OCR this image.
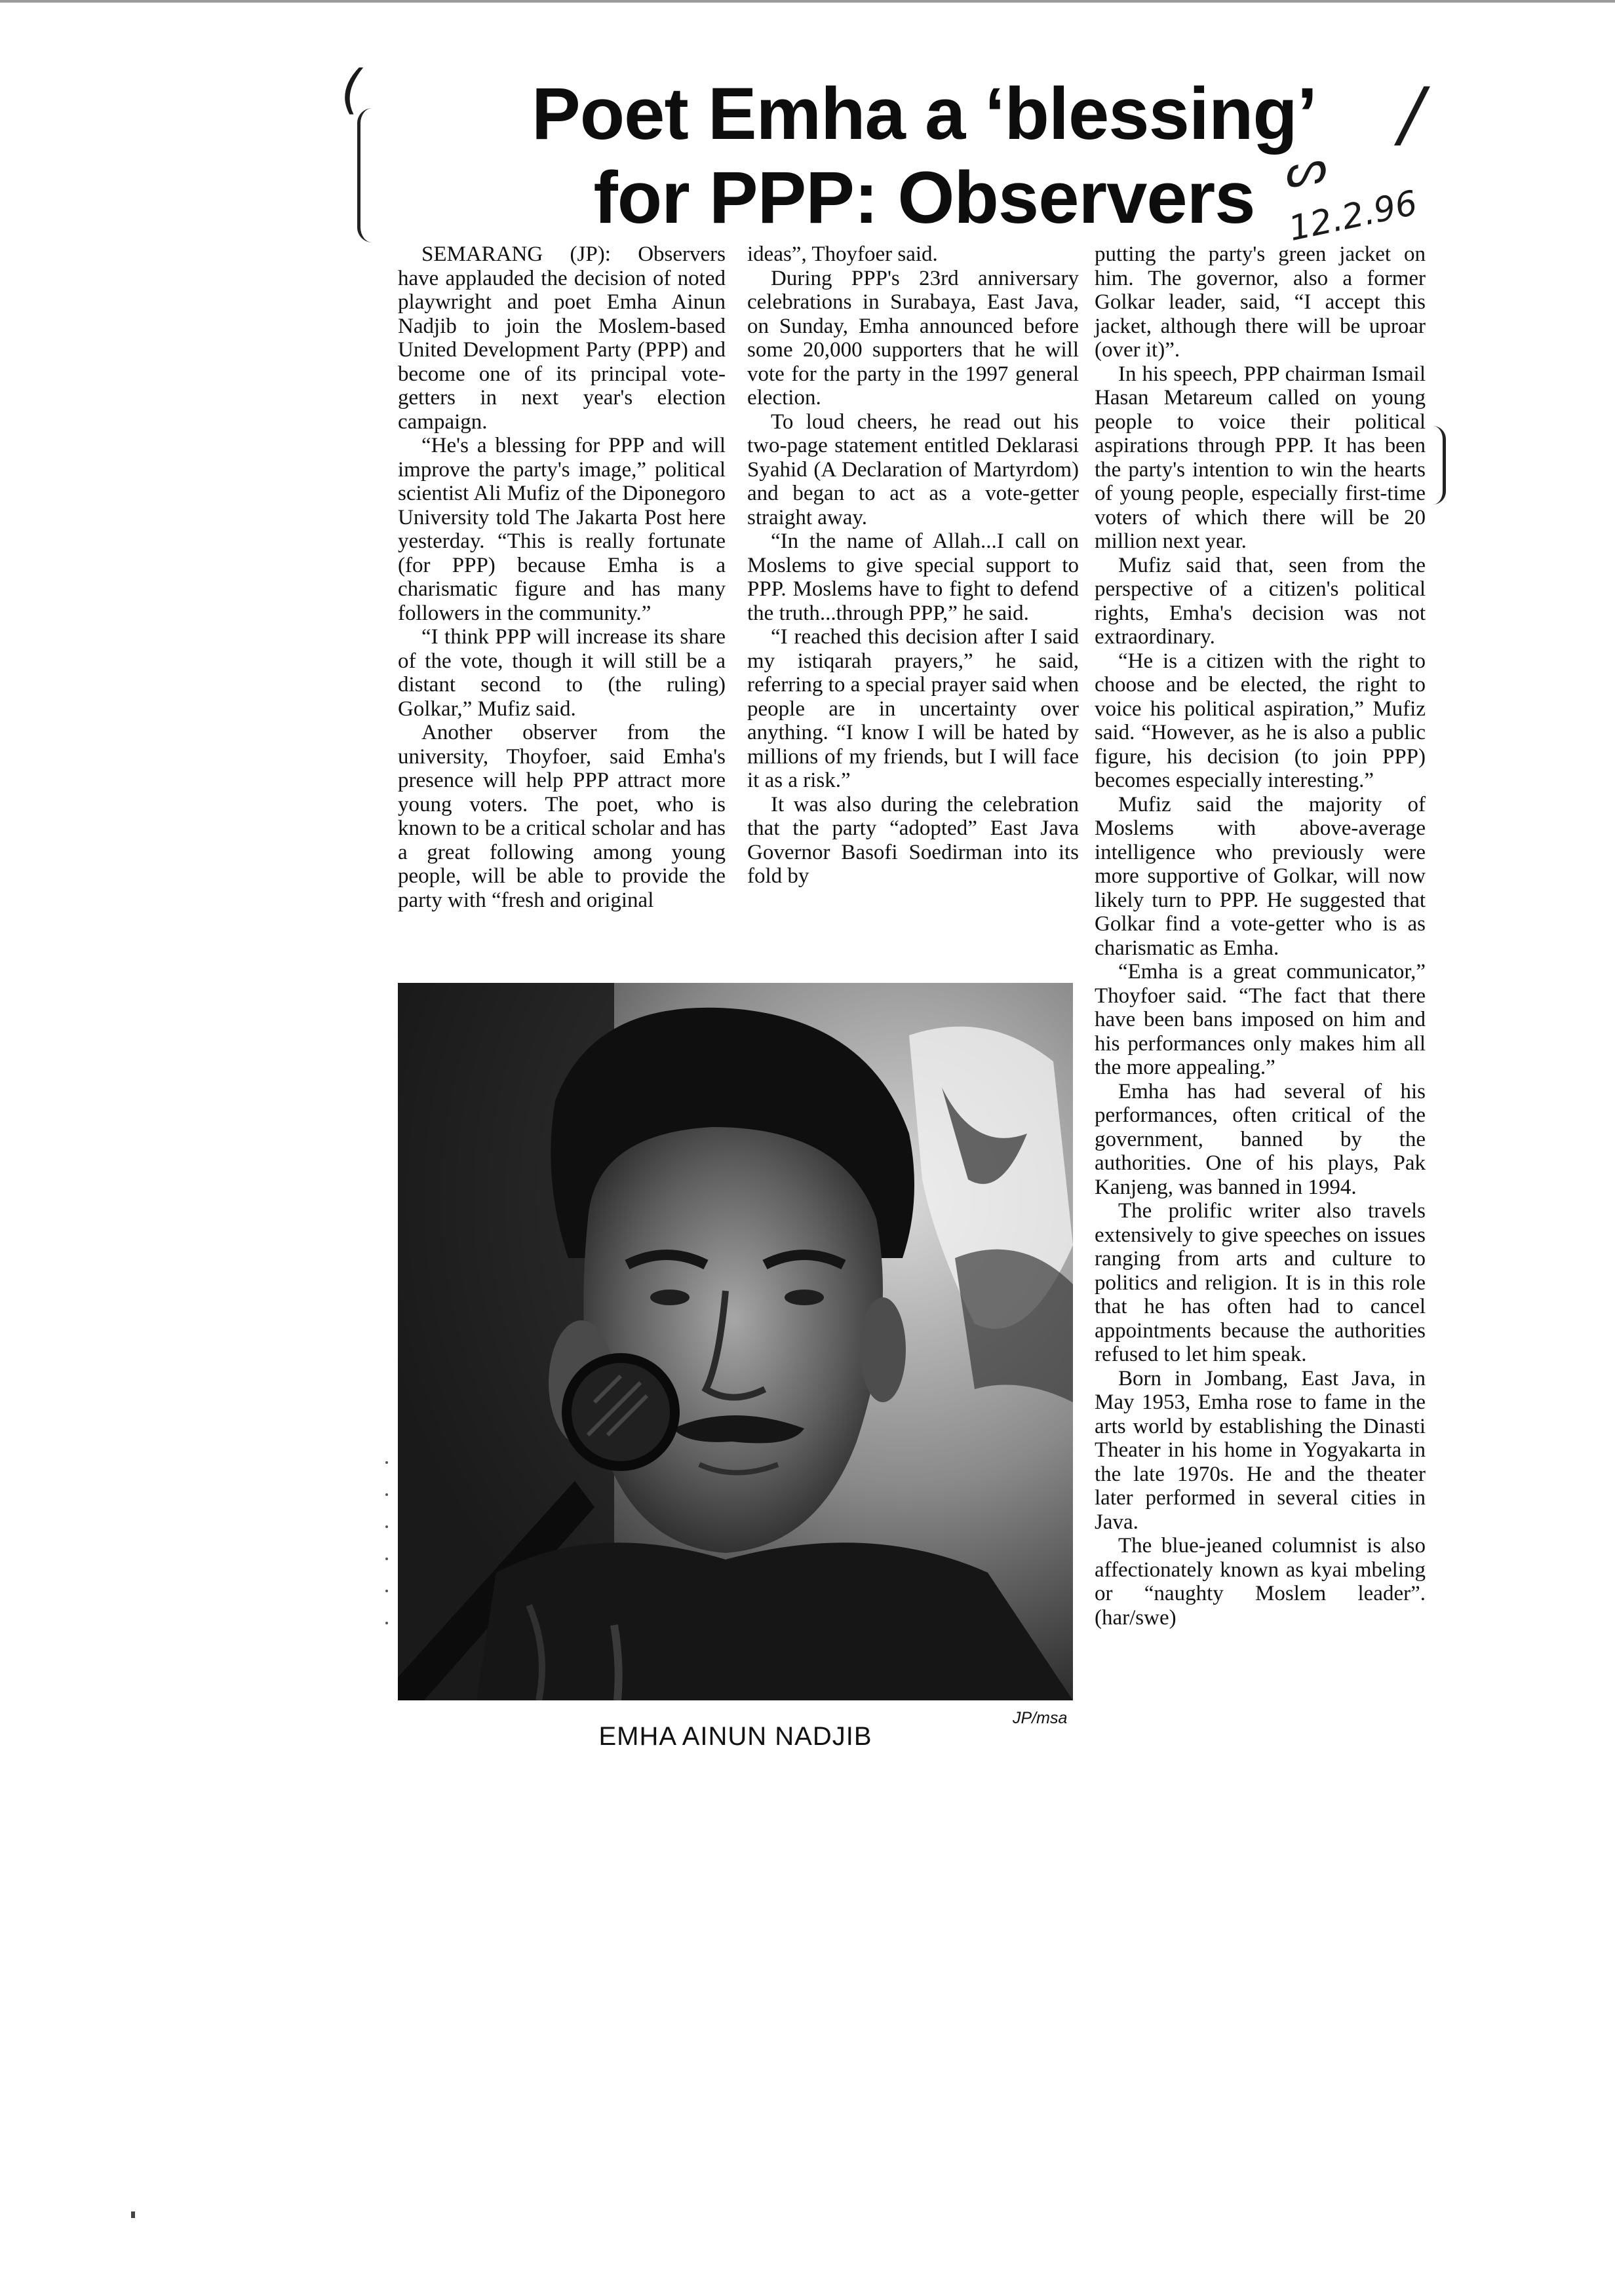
(	/
Poet Emha a ‘blessing’
for PPP: Observers ᔕ
12.2.96

SEMARANG (JP): Observers have applauded the decision of noted playwright and poet Emha Ainun Nadjib to join the Moslem-based United Development Party (PPP) and become one of its principal vote-getters in next year's election campaign.

“He's a blessing for PPP and will improve the party's image,” political scientist Ali Mufiz of the Diponegoro University told The Jakarta Post here yesterday. “This is really fortunate (for PPP) because Emha is a charismatic figure and has many followers in the community.”

“I think PPP will increase its share of the vote, though it will still be a distant second to (the ruling) Golkar,” Mufiz said.

Another observer from the university, Thoyfoer, said Emha's presence will help PPP attract more young voters. The poet, who is known to be a critical scholar and has a great following among young people, will be able to provide the party with “fresh and original

ideas”, Thoyfoer said.

During PPP's 23rd anniversary celebrations in Surabaya, East Java, on Sunday, Emha announced before some 20,000 supporters that he will vote for the party in the 1997 general election.

To loud cheers, he read out his two-page statement entitled Deklarasi Syahid (A Declaration of Martyrdom) and began to act as a vote-getter straight away.

“In the name of Allah...I call on Moslems to give special support to PPP. Moslems have to fight to defend the truth...through PPP,” he said.

“I reached this decision after I said my istiqarah prayers,” he said, referring to a special prayer said when people are in uncertainty over anything. “I know I will be hated by millions of my friends, but I will face it as a risk.”

It was also during the celebration that the party “adopted” East Java Governor Basofi Soedirman into its fold by

putting the party's green jacket on him. The governor, also a former Golkar leader, said, “I accept this jacket, although there will be uproar (over it)”.

In his speech, PPP chairman Ismail Hasan Metareum called on young people to voice their political aspirations through PPP. It has been the party's intention to win the hearts of young people, especially first-time voters of which there will be 20 million next year.

Mufiz said that, seen from the perspective of a citizen's political rights, Emha's decision was not extraordinary.

“He is a citizen with the right to choose and be elected, the right to voice his political aspiration,” Mufiz said. “However, as he is also a public figure, his decision (to join PPP) becomes especially interesting.”

Mufiz said the majority of Moslems with above-average intelligence who previously were more supportive of Golkar, will now likely turn to PPP. He suggested that Golkar find a vote-getter who is as charismatic as Emha.

“Emha is a great communicator,” Thoyfoer said. “The fact that there have been bans imposed on him and his performances only makes him all the more appealing.”

Emha has had several of his performances, often critical of the government, banned by the authorities. One of his plays, Pak Kanjeng, was banned in 1994.

The prolific writer also travels extensively to give speeches on issues ranging from arts and culture to politics and religion. It is in this role that he has often had to cancel appointments because the authorities refused to let him speak.

Born in Jombang, East Java, in May 1953, Emha rose to fame in the arts world by establishing the Dinasti Theater in his home in Yogyakarta in the late 1970s. He and the theater later performed in several cities in Java.

The blue-jeaned columnist is also affectionately known as kyai mbeling or “naughty Moslem leader”. (har/swe)

JP/msa
EMHA AINUN NADJIB
